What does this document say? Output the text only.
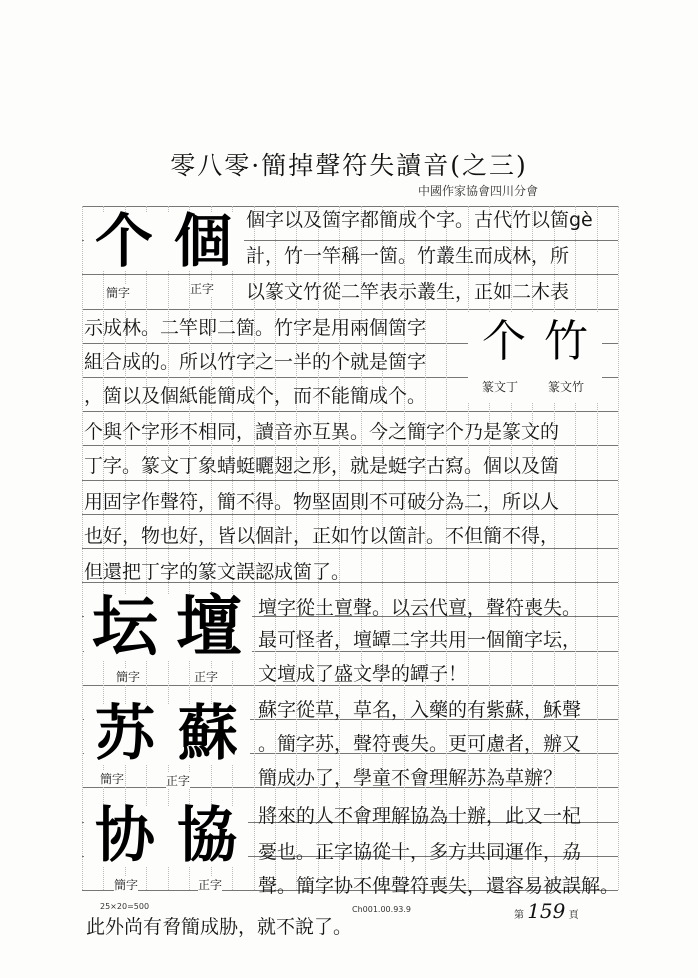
零八零·簡掉聲符失讀音(之三)
中國作家協會四川分會
個字以及箇字都簡成个字。古代竹以箇gè
計，竹一竿稱一箇。竹叢生而成林，所
以篆文竹從二竿表示叢生，正如二木表
示成林。二竿即二箇。竹字是用兩個箇字
組合成的。所以竹字之一半的个就是箇字
，箇以及個紙能簡成个，而不能簡成个。
个與个字形不相同，讀音亦互異。今之簡字个乃是篆文的
丁字。篆文丁象蜻蜓曬翅之形，就是蜓字古寫。個以及箇
用固字作聲符，簡不得。物堅固則不可破分為二，所以人
也好，物也好，皆以個計，正如竹以箇計。不但簡不得，
但還把丁字的篆文誤認成箇了。
个 個
簡字	正字
个 竹
篆文丁 篆文竹
坛 壇
簡字	正字
壇字從土亶聲。以云代亶，聲符喪失。
最可怪者，壇罈二字共用一個簡字坛，
文壇成了盛文學的罈子！
苏 蘇
簡字	正字
蘇字從草，草名，入藥的有紫蘇，穌聲
。簡字苏，聲符喪失。更可慮者，辦又
簡成办了，學童不會理解苏為草辦？
將來的人不會理解協為十辦，此又一杞
憂也。正字協從十，多方共同運作，劦
聲。簡字协不俾聲符喪失，還容易被誤解。
协 協
簡字	正字
25×20=500	Ch001.00.93.9
第 159 頁
此外尚有脅簡成胁，就不說了。
